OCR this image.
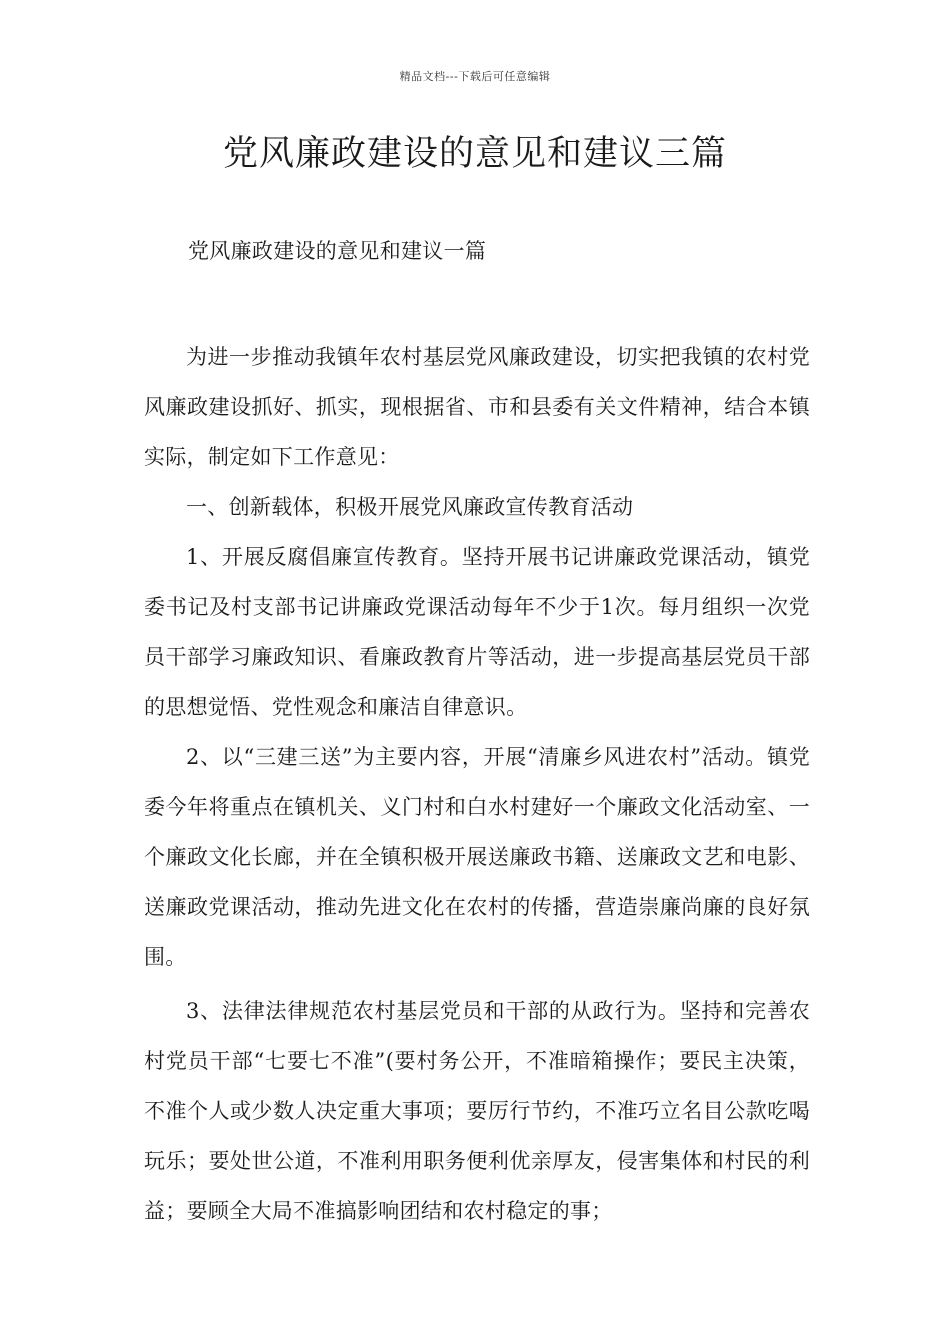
精品文档---下载后可任意编辑
党风廉政建设的意见和建议三篇
党风廉政建设的意见和建议一篇

为进一步推动我镇年农村基层党风廉政建设，切实把我镇的农村党风廉政建设抓好、抓实，现根据省、市和县委有关文件精神，结合本镇实际，制定如下工作意见：

一、创新载体，积极开展党风廉政宣传教育活动

1、开展反腐倡廉宣传教育。坚持开展书记讲廉政党课活动，镇党委书记及村支部书记讲廉政党课活动每年不少于1次。每月组织一次党员干部学习廉政知识、看廉政教育片等活动，进一步提高基层党员干部的思想觉悟、党性观念和廉洁自律意识。

2、以“三建三送”为主要内容，开展“清廉乡风进农村”活动。镇党委今年将重点在镇机关、义门村和白水村建好一个廉政文化活动室、一个廉政文化长廊，并在全镇积极开展送廉政书籍、送廉政文艺和电影、送廉政党课活动，推动先进文化在农村的传播，营造崇廉尚廉的良好氛围。

3、法律法律规范农村基层党员和干部的从政行为。坚持和完善农村党员干部“七要七不准”(要村务公开，不准暗箱操作；要民主决策，不准个人或少数人决定重大事项；要厉行节约，不准巧立名目公款吃喝玩乐；要处世公道，不准利用职务便利优亲厚友，侵害集体和村民的利益；要顾全大局不准搞影响团结和农村稳定的事；
